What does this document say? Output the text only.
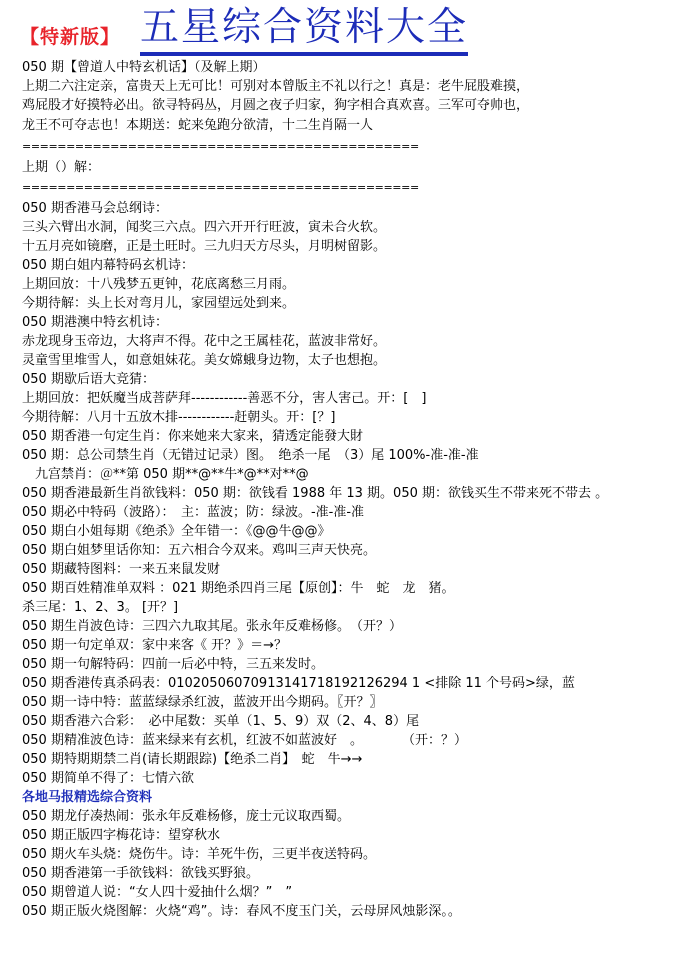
【特新版】 五星综合资料大全
050 期【曾道人中特玄机话】（及解上期）
上期二六注定亲，富贵天上无可比！可别对本曾版主不礼以行之！真是：老牛屁股难摸，
鸡屁股才好摸特必出。欲寻特码丛，月圆之夜子归家，狗字相合真欢喜。三军可夺帅也，
龙王不可夺志也！本期送：蛇来兔跑分欲清，十二生肖隔一人
=============================================
上期（）解：
=============================================
050 期香港马会总纲诗：
三头六臂出水洞，闻奖三六点。四六开开行旺波，寅未合火软。
十五月亮如镜磨，正是土旺时。三九归天方尽头，月明树留影。
050 期白姐内幕特码玄机诗：
上期回放：十八残梦五更钟，花底离愁三月雨。
今期待解：头上长对弯月儿，家园望远处到来。
050 期港澳中特玄机诗：
赤龙现身玉帝边，大将声不得。花中之王属桂花，蓝波非常好。
灵童雪里堆雪人，如意姐妹花。美女嫦蛾身边物，太子也想抱。
050 期歇后语大竞猜：
上期回放：把妖魔当成菩萨拜------------善恶不分，害人害己。开：[　]
今期待解：八月十五放木排------------赶朝头。开：[？]
050 期香港一句定生肖：你来她来大家来，猜透定能發大財
050 期：总公司禁生肖（无错过记录）图。　绝杀一尾　（3）尾 100%-准-准-准
　九宫禁肖：＠**第 050 期**@**牛*@**对**@
050 期香港最新生肖欲钱料：050 期：欲钱看 1988 年 13 期。050 期：欲钱买生不带来死不带去 。
050 期必中特码（波路）：　主：蓝波；防：绿波。-准-准-准
050 期白小姐每期《绝杀》全年错一：《@@牛@@》
050 期白姐梦里话你知：五六相合今双来。鸡叫三声天快亮。
050 期藏特图料：一来五来鼠发财
050 期百姓精准单双料 ：021 期绝杀四肖三尾【原创】：牛　蛇　龙　猪。
杀三尾：1、2、3。 [开？]
050 期生肖波色诗：三四六九取其尾。张永年反难杨修。　（开？）
050 期一句定单双：家中来客《 开？》＝→？
050 期一句解特码：四前一后必中特，三五来发时。
050 期香港传真杀码表：01020506070913141718192126294 1 <排除 11 个号码>绿，蓝
050 期一诗中特：蓝蓝绿绿杀红波，蓝波开出今期码。〖开？〗
050 期香港六合彩：　必中尾数：买单（1、5、9）双（2、4、8）尾
050 期精准波色诗：蓝来绿来有玄机，红波不如蓝波好　。　　　　（开：？）
050 期特期期禁二肖(请长期跟踪)【绝杀二肖】　蛇　牛→→
050 期简单不得了：七情六欲
各地马报精选综合资料
050 期龙仔凑热闹：张永年反难杨修，庞士元议取西蜀。
050 期正版四字梅花诗：望穿秋水
050 期火车头烧：烧伤牛。诗：羊死牛伤，三更半夜送特码。
050 期香港第一手欲钱料：欲钱买野狼。
050 期曾道人说：“女人四十爱抽什么烟？”　”
050 期正版火烧图解：火烧“鸡”。诗：春风不度玉门关，云母屏风烛影深。。
